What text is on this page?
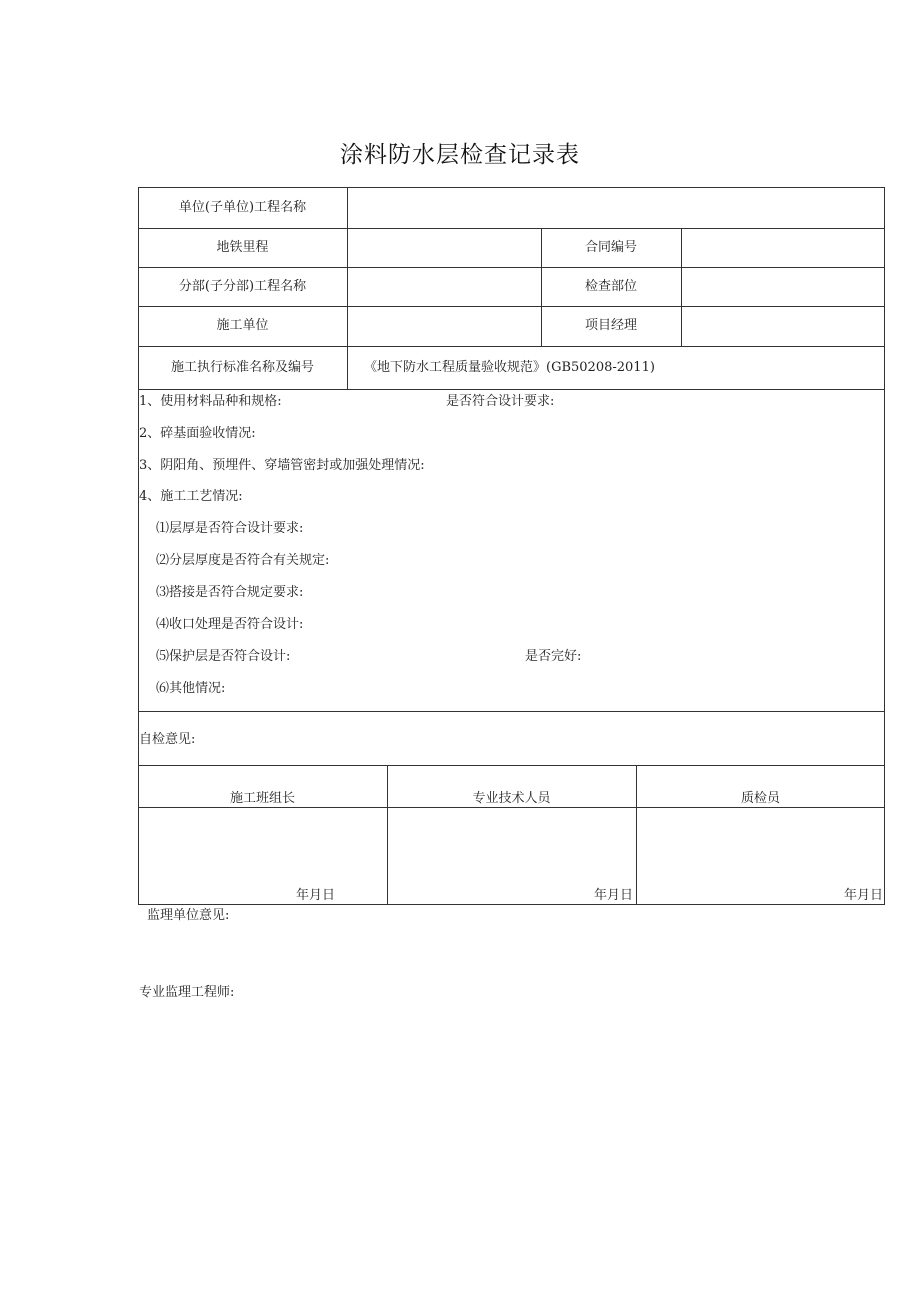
涂料防水层检查记录表
单位(子单位)工程名称
地铁里程	合同编号
分部(子分部)工程名称	检查部位
施工单位	项目经理
施工执行标准名称及编号	《地下防水工程质量验收规范》(GB50208-2011)
1、使用材料品种和规格:	是否符合设计要求:
2、碎基面验收情况:
3、阴阳角、预埋件、穿墙管密封或加强处理情况:
4、施工工艺情况:
⑴层厚是否符合设计要求:
⑵分层厚度是否符合有关规定:
⑶搭接是否符合规定要求:
⑷收口处理是否符合设计:
⑸保护层是否符合设计:	是否完好:
⑹其他情况:
自检意见:
施工班组长	专业技术人员	质检员
年月日	年月日	年月日
监理单位意见:
专业监理工程师:
